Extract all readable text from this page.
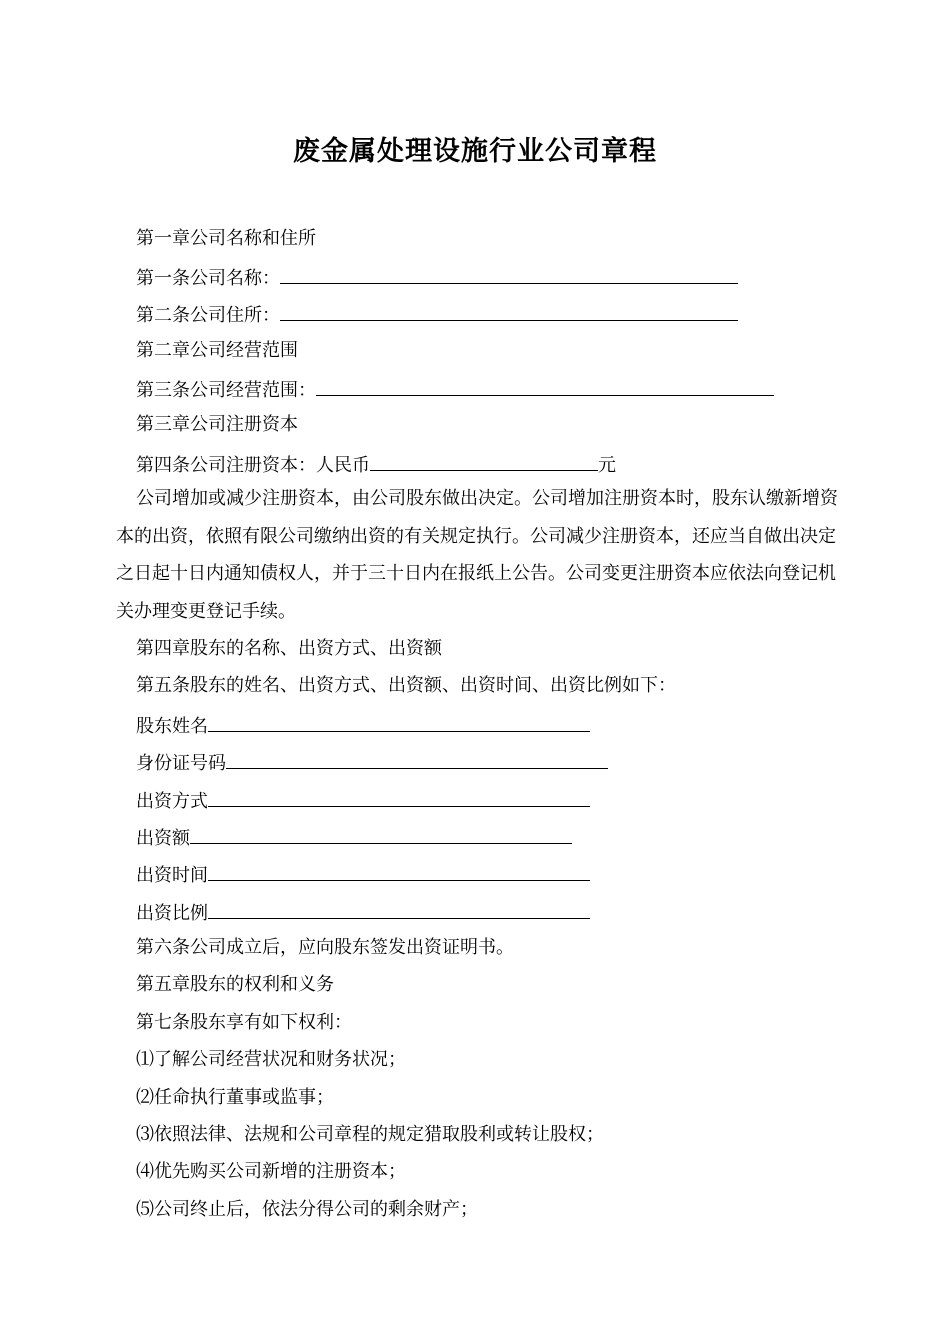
废金属处理设施行业公司章程
第一章公司名称和住所
第一条公司名称：
第二条公司住所：
第二章公司经营范围
第三条公司经营范围：
第三章公司注册资本
第四条公司注册资本：人民币	元
公司增加或减少注册资本，由公司股东做出决定。公司增加注册资本时，股东认缴新增资本的出资，依照有限公司缴纳出资的有关规定执行。公司减少注册资本，还应当自做出决定之日起十日内通知债权人，并于三十日内在报纸上公告。公司变更注册资本应依法向登记机关办理变更登记手续。
第四章股东的名称、出资方式、出资额
第五条股东的姓名、出资方式、出资额、出资时间、出资比例如下：
股东姓名
身份证号码
出资方式
出资额
出资时间
出资比例
第六条公司成立后，应向股东签发出资证明书。
第五章股东的权利和义务
第七条股东享有如下权利：
⑴了解公司经营状况和财务状况；
⑵任命执行董事或监事；
⑶依照法律、法规和公司章程的规定猎取股利或转让股权；
⑷优先购买公司新增的注册资本；
⑸公司终止后，依法分得公司的剩余财产；
